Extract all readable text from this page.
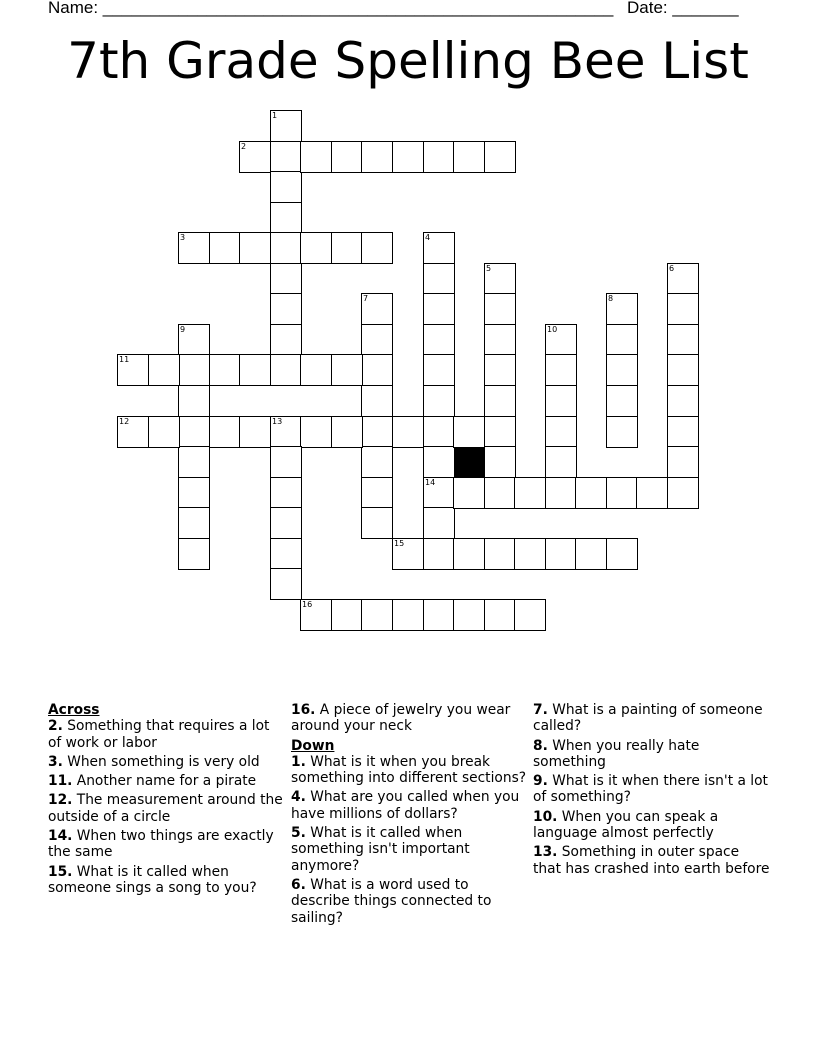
Name: ______________________________________________________ Date: _______
7th Grade Spelling Bee List
1
2
3	4
14
5	6
7	8
9	10
11
12	13
15
16
Across
2. Something that requires a lot of work or labor
3. When something is very old
11. Another name for a pirate
12. The measurement around the outside of a circle
14. When two things are exactly the same
15. What is it called when someone sings a song to you?
16. A piece of jewelry you wear around your neck
Down
1. What is it when you break something into different sections?
4. What are you called when you have millions of dollars?
5. What is it called when something isn't important anymore?
6. What is a word used to describe things connected to sailing?
7. What is a painting of someone called?
8. When you really hate something
9. What is it when there isn't a lot of something?
10. When you can speak a language almost perfectly
13. Something in outer space that has crashed into earth before
